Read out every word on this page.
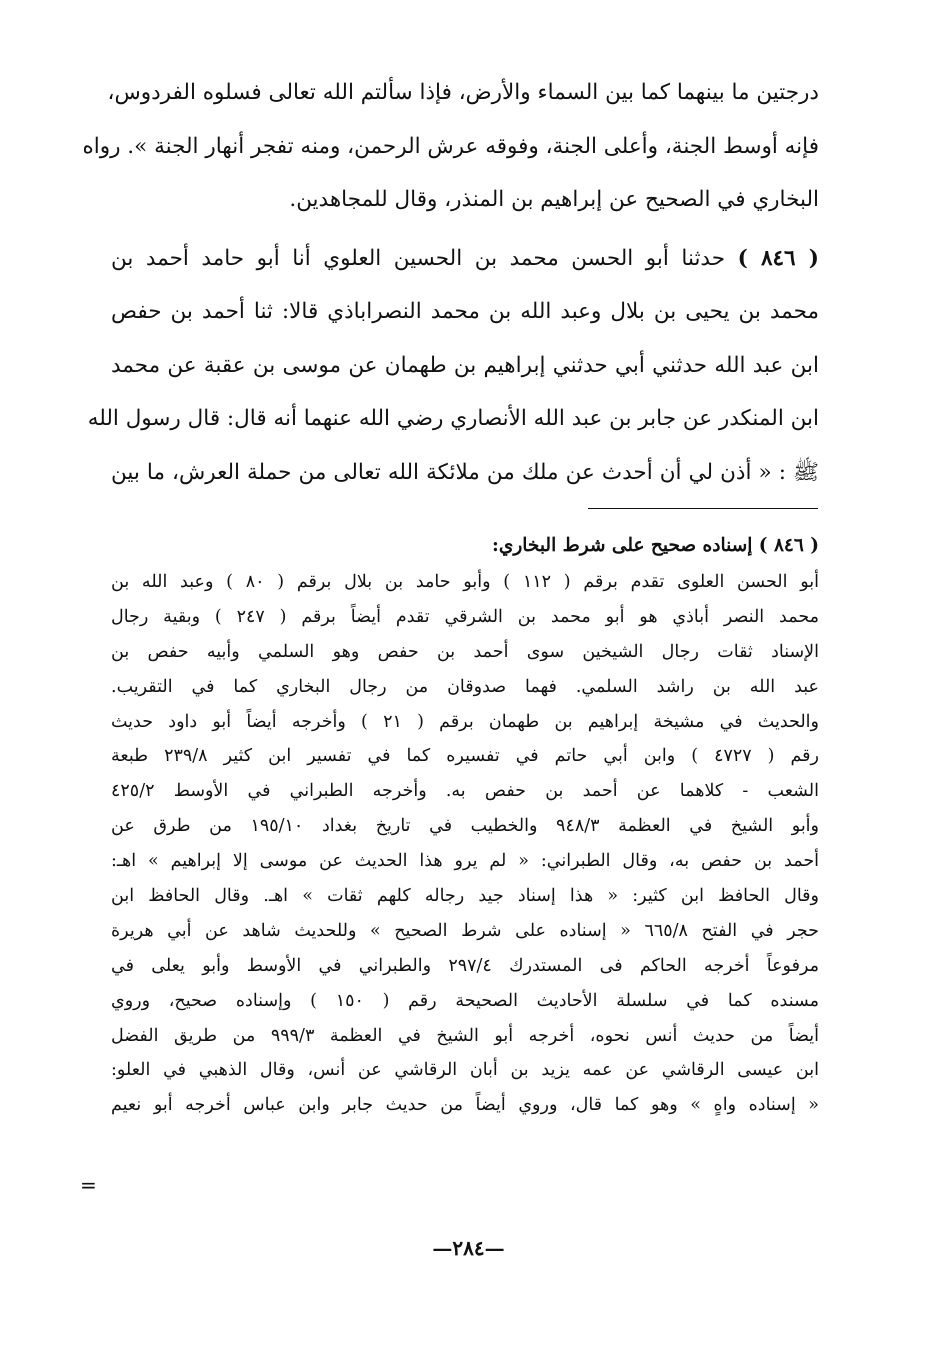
درجتين ما بينهما كما بين السماء والأرض، فإذا سألتم الله تعالى فسلوه الفردوس،
فإنه أوسط الجنة، وأعلى الجنة، وفوقه عرش الرحمن، ومنه تفجر أنهار الجنة ». رواه
البخاري في الصحيح عن إبراهيم بن المنذر، وقال للمجاهدين.
( ٨٤٦ ) حدثنا أبو الحسن محمد بن الحسين العلوي أنا أبو حامد أحمد بن
محمد بن يحيى بن بلال وعبد الله بن محمد النصراباذي قالا: ثنا أحمد بن حفص
ابن عبد الله حدثني أبي حدثني إبراهيم بن طهمان عن موسى بن عقبة عن محمد
ابن المنكدر عن جابر بن عبد الله الأنصاري رضي الله عنهما أنه قال: قال رسول الله
ﷺ : « أذن لي أن أحدث عن ملك من ملائكة الله تعالى من حملة العرش، ما بين
( ٨٤٦ ) إسناده صحيح على شرط البخاري:
أبو الحسن العلوى تقدم برقم ( ١١٢ ) وأبو حامد بن بلال برقم ( ٨٠ ) وعبد الله بن
محمد النصر أباذي هو أبو محمد بن الشرقي تقدم أيضاً برقم ( ٢٤٧ ) وبقية رجال
الإسناد ثقات رجال الشيخين سوى أحمد بن حفص وهو السلمي وأبيه حفص بن
عبد الله بن راشد السلمي. فهما صدوقان من رجال البخاري كما في التقريب.
والحديث في مشيخة إبراهيم بن طهمان برقم ( ٢١ ) وأخرجه أيضاً أبو داود حديث
رقم ( ٤٧٢٧ ) وابن أبي حاتم في تفسيره كما في تفسير ابن كثير ٢٣٩/٨ طبعة
الشعب - كلاهما عن أحمد بن حفص به. وأخرجه الطبراني في الأوسط ٤٢٥/٢
وأبو الشيخ في العظمة ٩٤٨/٣ والخطيب في تاريخ بغداد ١٩٥/١٠ من طرق عن
أحمد بن حفص به، وقال الطبراني: « لم يرو هذا الحديث عن موسى إلا إبراهيم » اهـ:
وقال الحافظ ابن كثير: « هذا إسناد جيد رجاله كلهم ثقات » اهـ. وقال الحافظ ابن
حجر في الفتح ٦٦٥/٨ « إسناده على شرط الصحيح » وللحديث شاهد عن أبي هريرة
مرفوعاً أخرجه الحاكم فى المستدرك ٢٩٧/٤ والطبراني في الأوسط وأبو يعلى في
مسنده كما في سلسلة الأحاديث الصحيحة رقم ( ١٥٠ ) وإسناده صحيح، وروي
أيضاً من حديث أنس نحوه، أخرجه أبو الشيخ في العظمة ٩٩٩/٣ من طريق الفضل
ابن عيسى الرقاشي عن عمه يزيد بن أبان الرقاشي عن أنس، وقال الذهبي في العلو:
« إسناده واهٍ » وهو كما قال، وروي أيضاً من حديث جابر وابن عباس أخرجه أبو نعيم
=
—٢٨٤—
